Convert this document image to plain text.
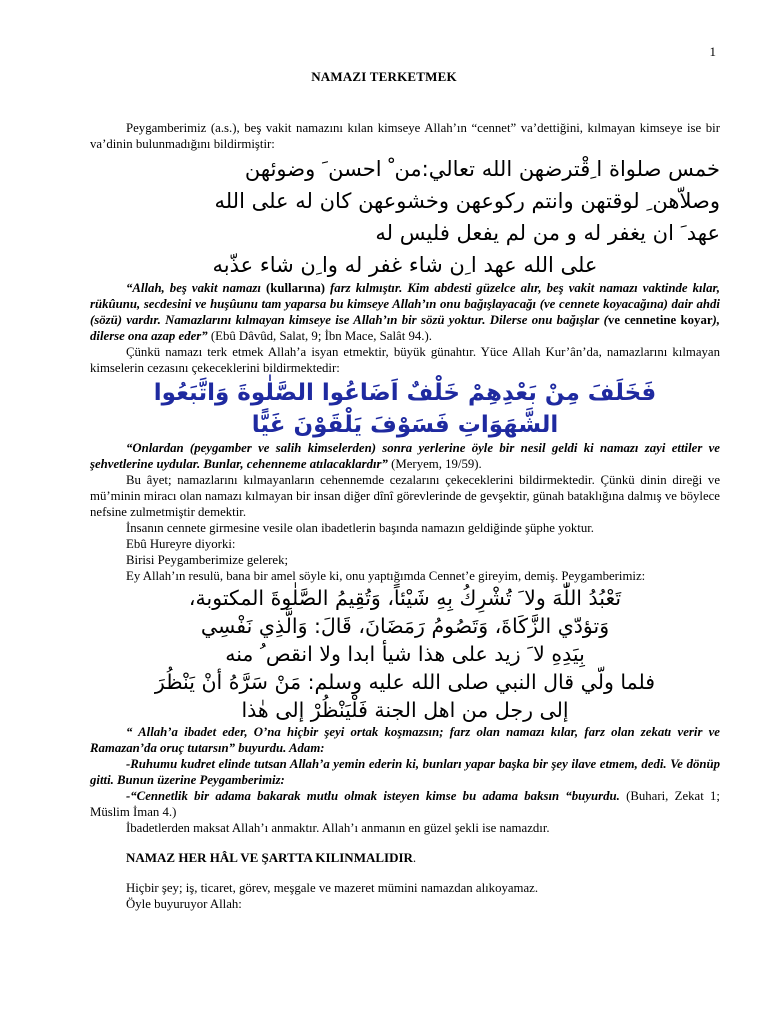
1
NAMAZI TERKETMEK

Peygamberimiz (a.s.), beş vakit namazını kılan kimseye Allah’ın “cennet” va’dettiğini, kılmayan kimseye ise bir va’dinin bulunmadığını bildirmiştir:

خمس صلواة ا ِقْترضهن الله تعالي:من ْ احسن َ وضوئهن

وصلاّهن ِ لوقتهن وانتم ركوعهن وخشوعهن كان له على الله

عهد َ ان يغفر له و من لم يفعل فليس له

على الله عهد ا ِن شاء غفر له وا ِن شاء عذّبه

“Allah, beş vakit namazı (kullarına) farz kılmıştır. Kim abdesti güzelce alır, beş vakit namazı vaktinde kılar, rükûunu, secdesini ve huşûunu tam yaparsa bu kimseye Allah’ın onu bağışlayacağı (ve cennete koyacağına) dair ahdi (sözü) vardır. Namazlarını kılmayan kimseye ise Allah’ın bir sözü yoktur. Dilerse onu bağışlar (ve cennetine koyar), dilerse ona azap eder” (Ebû Dâvûd, Salat, 9; İbn Mace, Salât 94.).

Çünkü namazı terk etmek Allah’a isyan etmektir, büyük günahtır. Yüce Allah Kur’ân’da, namazlarını kılmayan kimselerin cezasını çekeceklerini bildirmektedir:

فَخَلَفَ مِنْ بَعْدِهِمْ خَلْفٌ اَضَاعُوا الصَّلٰوةَ وَاتَّبَعُوا

الشَّهَوَاتِ فَسَوْفَ يَلْقَوْنَ غَيًّا

“Onlardan (peygamber ve salih kimselerden) sonra yerlerine öyle bir nesil geldi ki namazı zayi ettiler ve şehvetlerine uydular. Bunlar, cehenneme atılacaklardır” (Meryem, 19/59).

Bu âyet; namazlarını kılmayanların cehennemde cezalarını çekeceklerini bildirmektedir. Çünkü dinin direği ve mü’minin miracı olan namazı kılmayan bir insan diğer dînî görevlerinde de gevşektir, günah bataklığına dalmış ve böylece nefsine zulmetmiştir demektir.

İnsanın cennete girmesine vesile olan ibadetlerin başında namazın geldiğinde şüphe yoktur.

Ebû Hureyre diyorki:

Birisi Peygamberimize gelerek;

Ey Allah’ın resulü, bana bir amel söyle ki, onu yaptığımda Cennet’e gireyim, demiş. Peygamberimiz:

تَعْبُدُ اللّٰهَ ولا َ تُشْرِكُ بِهِ شَيْئاً، وَتُقِيمُ الصَّلٰوةَ المكتوبة،

وَتؤدّي الزَّكَاةَ، وَتَصُومُ رَمَضَانَ، قَالَ: وَالَّذِي نَفْسِي

بِيَدِهِ لا َ زيد على هذا شيأ ابدا ولا انقص ُ منه

فلما ولّي قال النبي صلى الله عليه وسلم: مَنْ سَرَّهُ أنْ يَنْظُرَ

إلى رجل من اهل الجنة فَلْيَنْظُرْ إلى هٰذا

“ Allah’a ibadet eder, O’na hiçbir şeyi ortak koşmazsın; farz olan namazı kılar, farz olan zekatı verir ve Ramazan’da oruç tutarsın” buyurdu. Adam:

-Ruhumu kudret elinde tutsan Allah’a yemin ederin ki, bunları yapar başka bir şey ilave etmem, dedi. Ve dönüp gitti. Bunun üzerine Peygamberimiz:

-“Cennetlik bir adama bakarak mutlu olmak isteyen kimse bu adama baksın “buyurdu. (Buhari, Zekat 1; Müslim İman 4.)

İbadetlerden maksat Allah’ı anmaktır. Allah’ı anmanın en güzel şekli ise namazdır.

NAMAZ HER HÂL VE ŞARTTA KILINMALIDIR.

Hiçbir şey; iş, ticaret, görev, meşgale ve mazeret mümini namazdan alıkoyamaz.

Öyle buyuruyor Allah:
